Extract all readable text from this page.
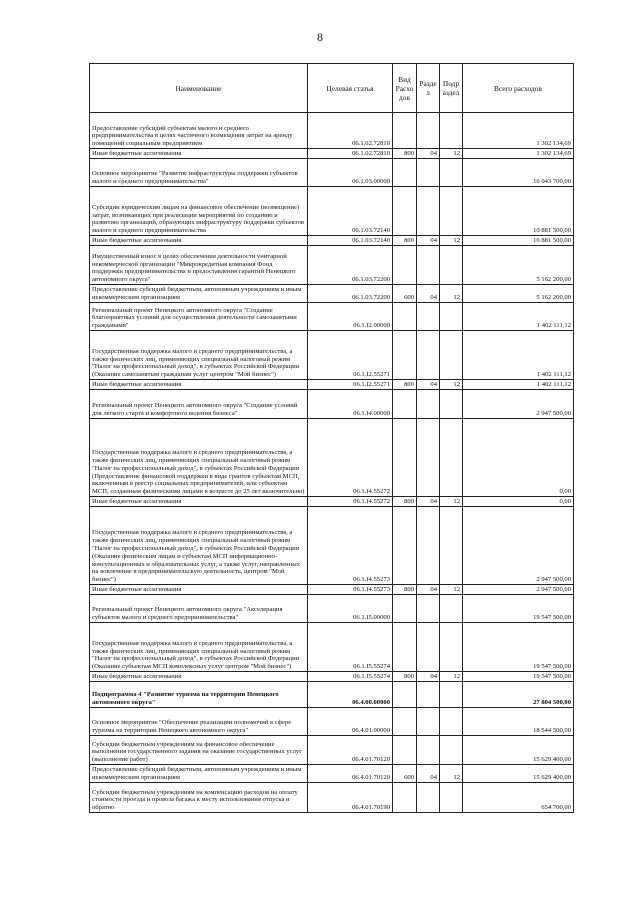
8
Наименование	Целевая статья	Вид Расхо дов	Разде л	Подр аздел	Всего расходов
Предоставление субсидий субъектам малого и среднего предпринимательства в целях частичного возмещения затрат на аренду помещений социальным предприятием	06.1.02.72810				1 302 134,69
Иные бюджетные ассигнования	06.1.02.72810	800	04	12	1 302 134,69
Основное мероприятие "Развитие инфраструктуры поддержки субъектов малого и среднего предпринимательства"	06.1.03.00000				16 043 700,00
Субсидии юридическим лицам на финансовое обеспечение (возмещение) затрат, возникающих при реализации мероприятий по созданию и развитию организаций, образующих инфраструктуру поддержки субъектов малого и среднего предпринимательства	06.1.03.72140				10 881 500,00
Иные бюджетные ассигнования	06.1.03.72140	800	04	12	10 881 500,00
Имущественный взнос в целях обеспечения деятельности унитарной некоммерческой организации "Микрокредитная компания Фонд поддержки предпринимательства и предоставления гарантий Ненецкого автономного округа"	06.1.03.72200				5 162 200,00
Предоставление субсидий бюджетным, автономным учреждениям и иным некоммерческим организациям	06.1.03.72200	600	04	12	5 162 200,00
Региональный проект Ненецкого автономного округа "Создание благоприятных условий для осуществления деятельности самозанятыми гражданами"	06.1.I2.00000				1 402 111,12
Государственная поддержка малого и среднего предпринимательства, а также физических лиц, применяющих специальный налоговый режим "Налог на профессиональный доход", в субъектах Российской Федерации (Оказание самозанятым гражданам услуг центром "Мой бизнес")	06.1.I2.55271				1 402 111,12
Иные бюджетные ассигнования	06.1.I2.55271	800	04	12	1 402 111,12
Региональный проект Ненецкого автономного округа "Создание условий для легкого старта и комфортного ведения бизнеса"	06.1.I4.00000				2 947 500,00
Государственная поддержка малого и среднего предпринимательства, а также физических лиц, применяющих специальный налоговый режим "Налог на профессиональный доход", в субъектах Российской Федерации (Предоставление финансовой поддержки в виде грантов субъектам МСП, включенным в реестр социальных предпринимателей, или субъектам МСП, созданным физическими лицами в возрасте до 25 лет включительно)	06.1.I4.55272				0,00
Иные бюджетные ассигнования	06.1.I4.55272	800	04	12	0,00
Государственная поддержка малого и среднего предпринимательства, а также физических лиц, применяющих специальный налоговый режим "Налог на профессиональный доход", в субъектах Российской Федерации (Оказание физическим лицам и субъектам МСП информационно-консультационных и образовательных услуг, а также услуг, направленных на вовлечение в предпринимательскую деятельность, центром "Мой бизнес")	06.1.I4.55273				2 947 500,00
Иные бюджетные ассигнования	06.1.I4.55273	800	04	12	2 947 500,00
Региональный проект Ненецкого автономного округа "Акселерация субъектов малого и среднего предпринимательства"	06.1.I5.00000				19 547 500,00
Государственная поддержка малого и среднего предпринимательства, а также физических лиц, применяющих специальный налоговый режим "Налог на профессиональный доход", в субъектах Российской Федерации (Оказание субъектам МСП комплексных услуг центром "Мой бизнес")	06.1.I5.55274				19 547 500,00
Иные бюджетные ассигнования	06.1.I5.55274	800	04	12	19 547 500,00
Подпрограмма 4 "Развитие туризма на территории Ненецкого автономного округа"	06.4.00.00000				27 804 500,00
Основное мероприятие "Обеспечение реализации полномочий в сфере туризма на территории Ненецкого автономного округа"	06.4.01.00000				18 544 500,00
Субсидии бюджетным учреждениям на финансовое обеспечение выполнения государственного задания на оказание государственных услуг (выполнение работ)	06.4.01.70120				15 629 400,00
Предоставление субсидий бюджетным, автономным учреждениям и иным некоммерческим организациям	06.4.01.70120	600	04	12	15 629 400,00
Субсидии бюджетным учреждениям на компенсацию расходов на оплату стоимости проезда и провоза багажа к месту использования отпуска и обратно	06.4.01.70190				654 700,00
